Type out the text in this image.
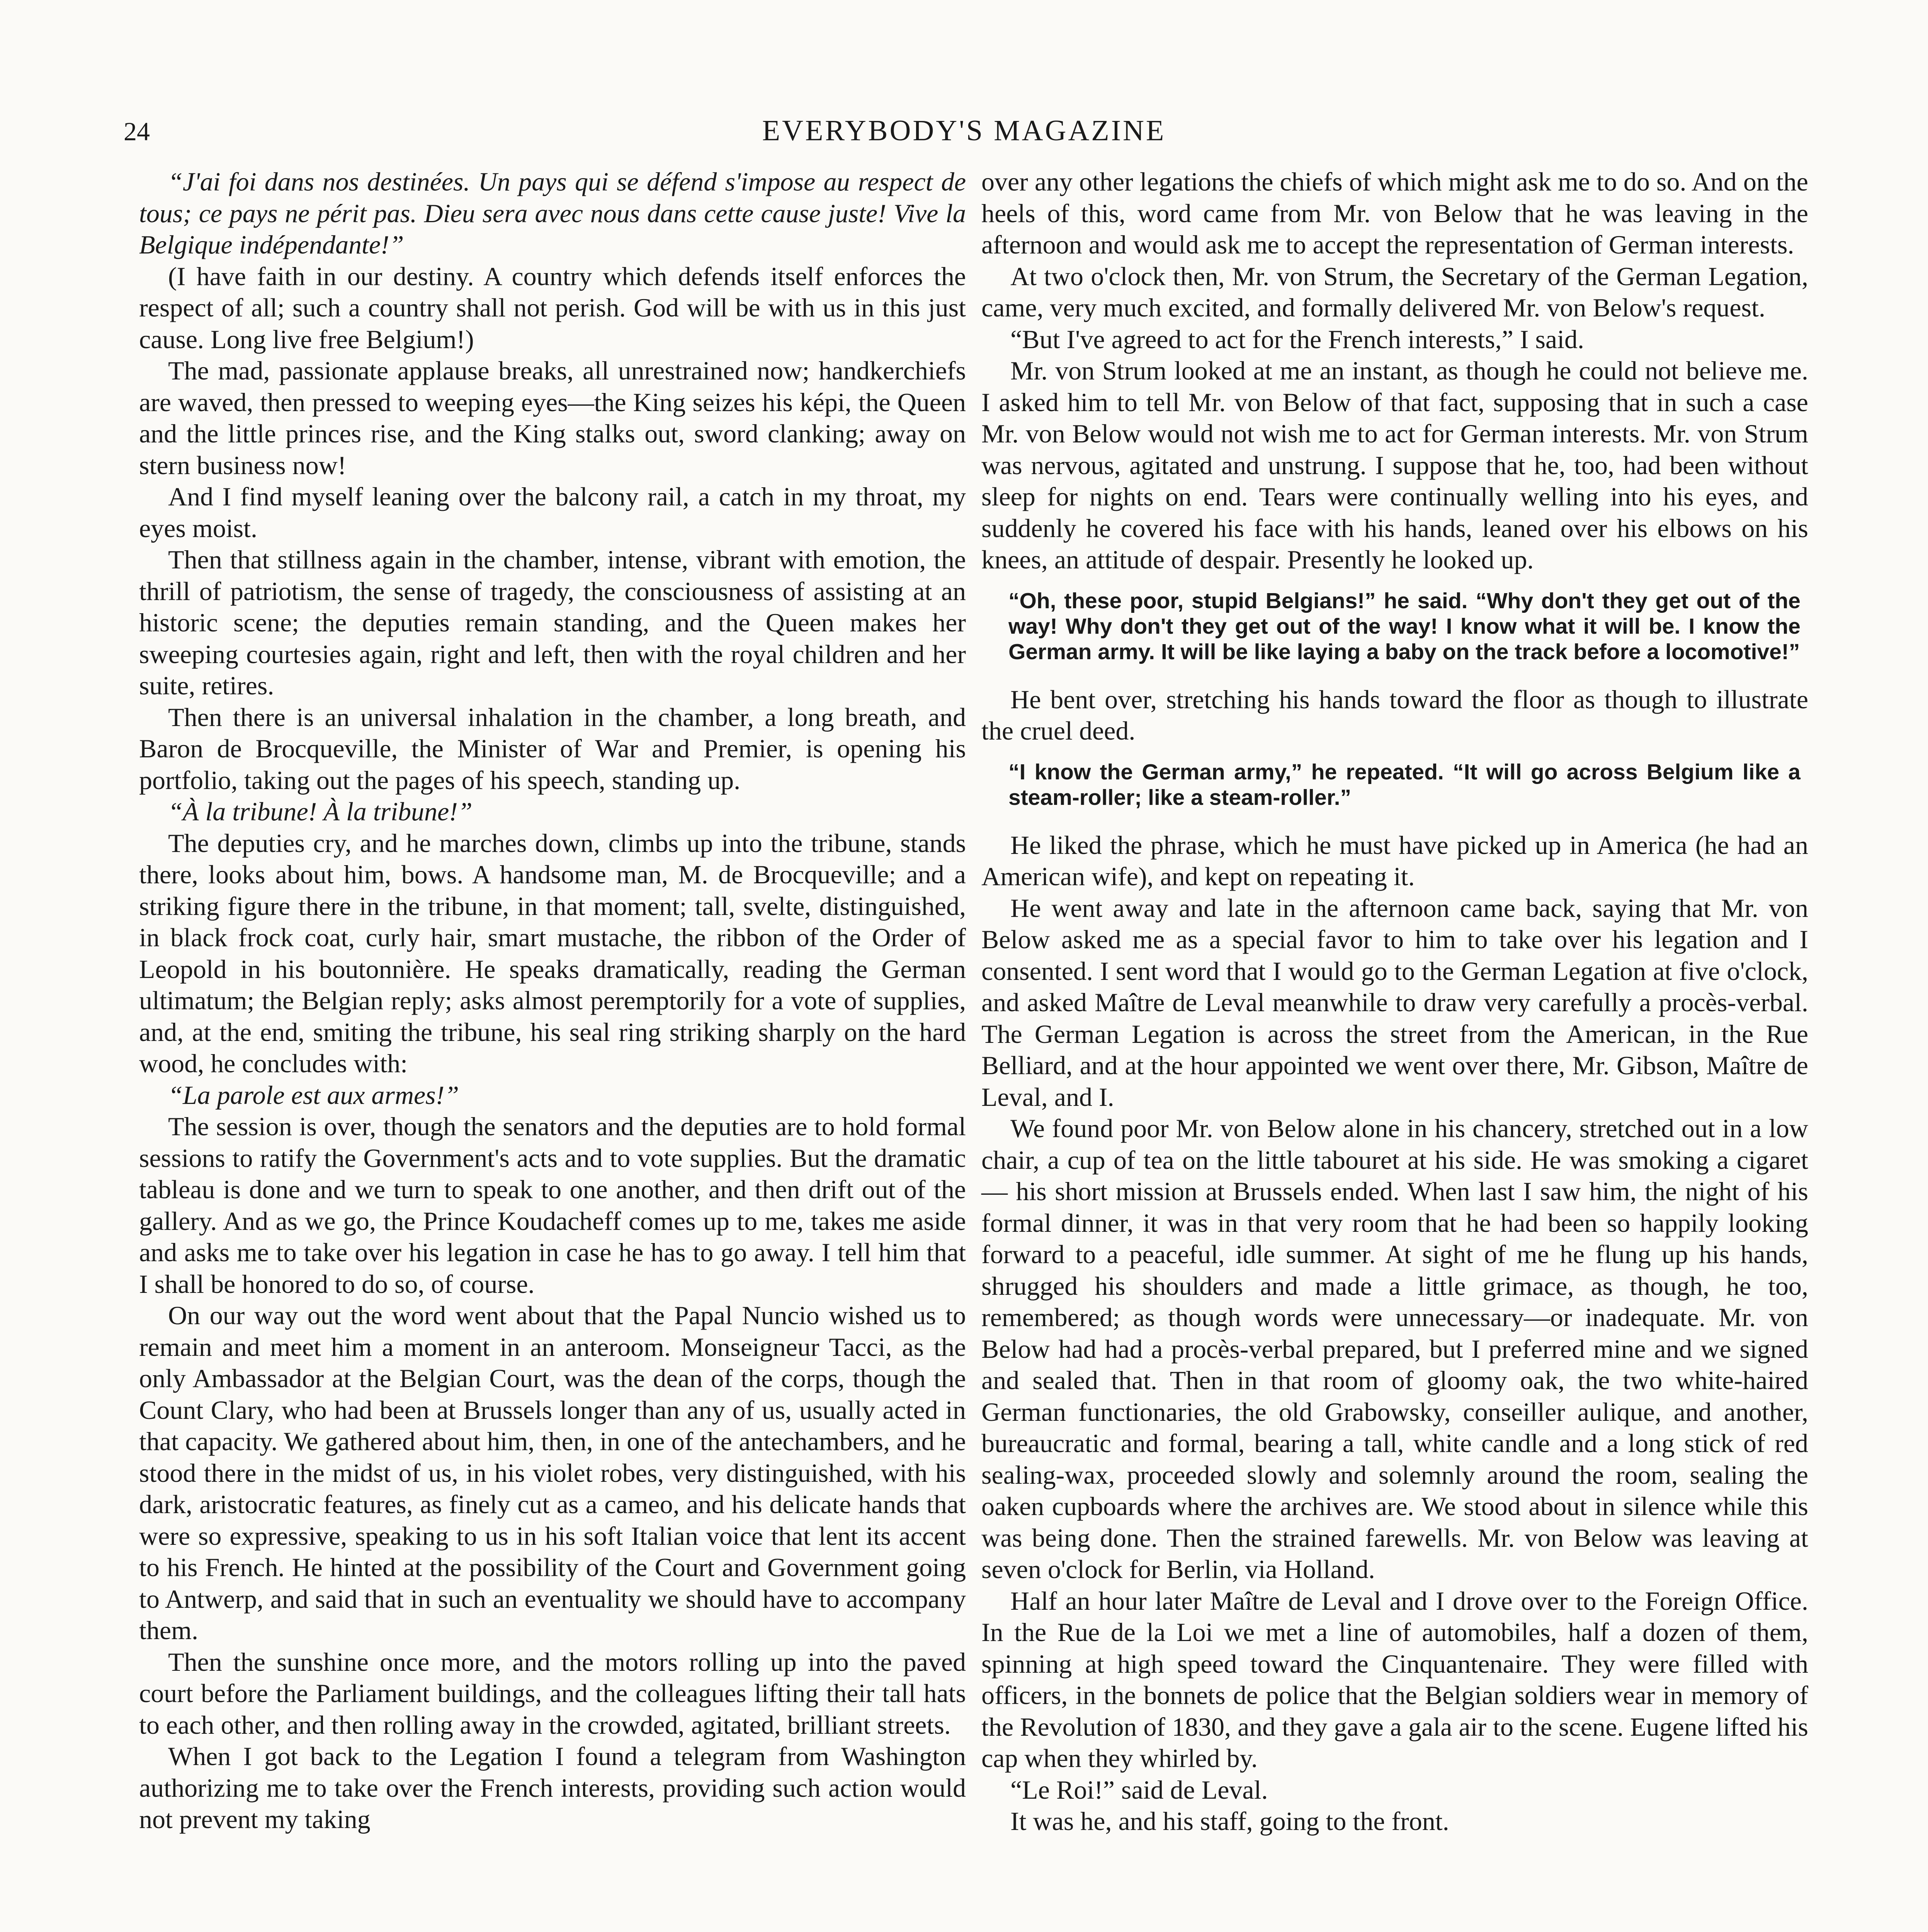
24	EVERYBODY'S MAGAZINE

“J'ai foi dans nos destinées. Un pays qui se défend s'impose au respect de tous; ce pays ne périt pas. Dieu sera avec nous dans cette cause juste! Vive la Belgique indépendante!”

(I have faith in our destiny. A country which defends itself enforces the respect of all; such a country shall not perish. God will be with us in this just cause. Long live free Belgium!)

The mad, passionate applause breaks, all unrestrained now; handkerchiefs are waved, then pressed to weeping eyes—the King seizes his képi, the Queen and the little princes rise, and the King stalks out, sword clanking; away on stern business now!

And I find myself leaning over the balcony rail, a catch in my throat, my eyes moist.

Then that stillness again in the chamber, intense, vibrant with emotion, the thrill of patriotism, the sense of tragedy, the consciousness of assisting at an historic scene; the deputies remain standing, and the Queen makes her sweeping courtesies again, right and left, then with the royal children and her suite, retires.

Then there is an universal inhalation in the chamber, a long breath, and Baron de Brocqueville, the Minister of War and Premier, is opening his portfolio, taking out the pages of his speech, standing up.

“À la tribune! À la tribune!”

The deputies cry, and he marches down, climbs up into the tribune, stands there, looks about him, bows. A handsome man, M. de Brocqueville; and a striking figure there in the tribune, in that moment; tall, svelte, distinguished, in black frock coat, curly hair, smart mustache, the ribbon of the Order of Leopold in his boutonnière. He speaks dramatically, reading the German ultimatum; the Belgian reply; asks almost peremptorily for a vote of supplies, and, at the end, smiting the tribune, his seal ring striking sharply on the hard wood, he concludes with:

“La parole est aux armes!”

The session is over, though the senators and the deputies are to hold formal sessions to ratify the Government's acts and to vote supplies. But the dramatic tableau is done and we turn to speak to one another, and then drift out of the gallery. And as we go, the Prince Koudacheff comes up to me, takes me aside and asks me to take over his legation in case he has to go away. I tell him that I shall be honored to do so, of course.

On our way out the word went about that the Papal Nuncio wished us to remain and meet him a moment in an anteroom. Monseigneur Tacci, as the only Ambassador at the Belgian Court, was the dean of the corps, though the Count Clary, who had been at Brussels longer than any of us, usually acted in that capacity. We gathered about him, then, in one of the antechambers, and he stood there in the midst of us, in his violet robes, very distinguished, with his dark, aristocratic features, as finely cut as a cameo, and his delicate hands that were so expressive, speaking to us in his soft Italian voice that lent its accent to his French. He hinted at the possibility of the Court and Government going to Antwerp, and said that in such an eventuality we should have to accompany them.

Then the sunshine once more, and the motors rolling up into the paved court before the Parliament buildings, and the colleagues lifting their tall hats to each other, and then rolling away in the crowded, agitated, brilliant streets.

When I got back to the Legation I found a telegram from Washington authorizing me to take over the French interests, providing such action would not prevent my taking

over any other legations the chiefs of which might ask me to do so. And on the heels of this, word came from Mr. von Below that he was leaving in the afternoon and would ask me to accept the representation of German interests.

At two o'clock then, Mr. von Strum, the Secretary of the German Legation, came, very much excited, and formally delivered Mr. von Below's request.

“But I've agreed to act for the French interests,” I said.

Mr. von Strum looked at me an instant, as though he could not believe me. I asked him to tell Mr. von Below of that fact, supposing that in such a case Mr. von Below would not wish me to act for German interests. Mr. von Strum was nervous, agitated and unstrung. I suppose that he, too, had been without sleep for nights on end. Tears were continually welling into his eyes, and suddenly he covered his face with his hands, leaned over his elbows on his knees, an attitude of despair. Presently he looked up.

“Oh, these poor, stupid Belgians!” he said. “Why don't they get out of the way! Why don't they get out of the way! I know what it will be. I know the German army. It will be like laying a baby on the track before a locomotive!”

He bent over, stretching his hands toward the floor as though to illustrate the cruel deed.

“I know the German army,” he repeated. “It will go across Belgium like a steam-roller; like a steam-roller.”

He liked the phrase, which he must have picked up in America (he had an American wife), and kept on repeating it.

He went away and late in the afternoon came back, saying that Mr. von Below asked me as a special favor to him to take over his legation and I consented. I sent word that I would go to the German Legation at five o'clock, and asked Maître de Leval meanwhile to draw very carefully a procès-verbal. The German Legation is across the street from the American, in the Rue Belliard, and at the hour appointed we went over there, Mr. Gibson, Maître de Leval, and I.

We found poor Mr. von Below alone in his chancery, stretched out in a low chair, a cup of tea on the little tabouret at his side. He was smoking a cigaret — his short mission at Brussels ended. When last I saw him, the night of his formal dinner, it was in that very room that he had been so happily looking forward to a peaceful, idle summer. At sight of me he flung up his hands, shrugged his shoulders and made a little grimace, as though, he too, remembered; as though words were unnecessary—or inadequate. Mr. von Below had had a procès-verbal prepared, but I preferred mine and we signed and sealed that. Then in that room of gloomy oak, the two white-haired German functionaries, the old Grabowsky, conseiller aulique, and another, bureaucratic and formal, bearing a tall, white candle and a long stick of red sealing-wax, proceeded slowly and solemnly around the room, sealing the oaken cupboards where the archives are. We stood about in silence while this was being done. Then the strained farewells. Mr. von Below was leaving at seven o'clock for Berlin, via Holland.

Half an hour later Maître de Leval and I drove over to the Foreign Office. In the Rue de la Loi we met a line of automobiles, half a dozen of them, spinning at high speed toward the Cinquantenaire. They were filled with officers, in the bonnets de police that the Belgian soldiers wear in memory of the Revolution of 1830, and they gave a gala air to the scene. Eugene lifted his cap when they whirled by.

“Le Roi!” said de Leval.

It was he, and his staff, going to the front.
